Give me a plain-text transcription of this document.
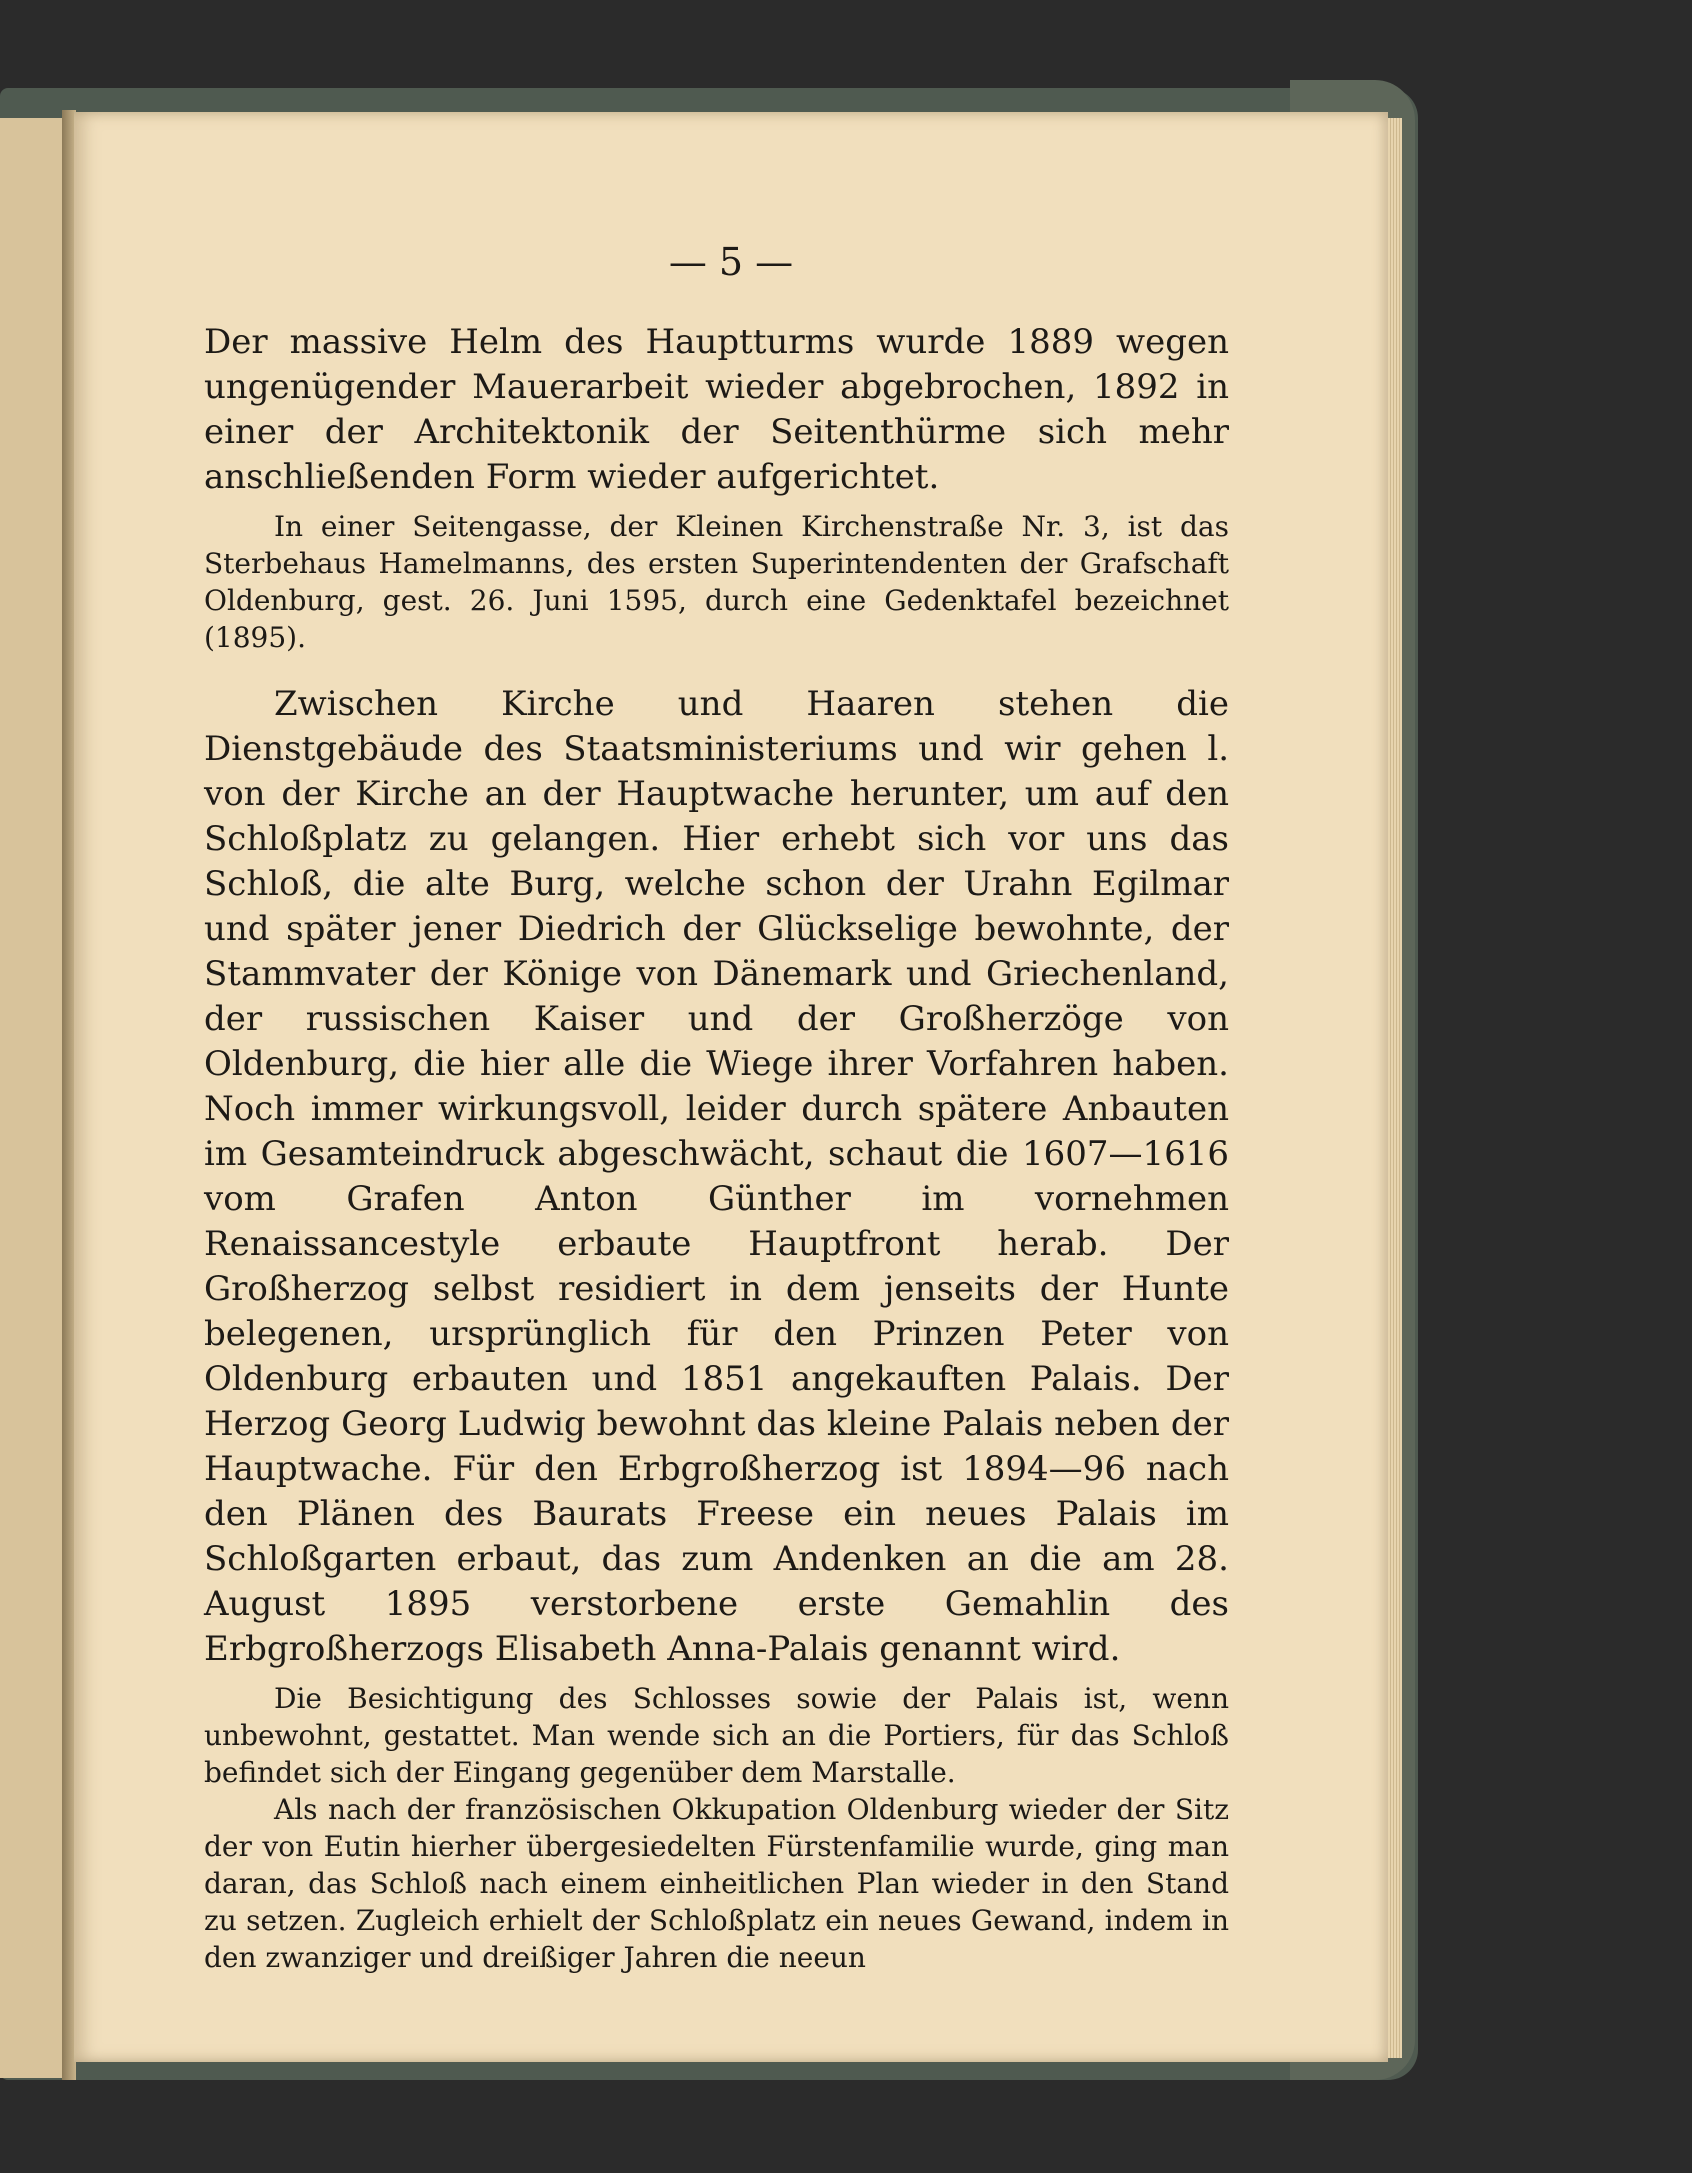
— 5 —

Der massive Helm des Hauptturms wurde 1889 wegen ungenügender Mauerarbeit wieder abgebrochen, 1892 in einer der Architektonik der Seitenthürme sich mehr anschließenden Form wieder aufgerichtet.

In einer Seitengasse, der Kleinen Kirchenstraße Nr. 3, ist das Sterbehaus Hamelmanns, des ersten Superintendenten der Grafschaft Oldenburg, gest. 26. Juni 1595, durch eine Gedenktafel bezeichnet (1895).

Zwischen Kirche und Haaren stehen die Dienstgebäude des Staatsministeriums und wir gehen l. von der Kirche an der Hauptwache herunter, um auf den Schloßplatz zu gelangen. Hier erhebt sich vor uns das Schloß, die alte Burg, welche schon der Urahn Egilmar und später jener Diedrich der Glückselige bewohnte, der Stammvater der Könige von Dänemark und Griechenland, der russischen Kaiser und der Großherzöge von Oldenburg, die hier alle die Wiege ihrer Vorfahren haben. Noch immer wirkungsvoll, leider durch spätere Anbauten im Gesamteindruck abgeschwächt, schaut die 1607—1616 vom Grafen Anton Günther im vornehmen Renaissancestyle erbaute Hauptfront herab. Der Großherzog selbst residiert in dem jenseits der Hunte belegenen, ursprünglich für den Prinzen Peter von Oldenburg erbauten und 1851 angekauften Palais. Der Herzog Georg Ludwig bewohnt das kleine Palais neben der Hauptwache. Für den Erbgroßherzog ist 1894—96 nach den Plänen des Baurats Freese ein neues Palais im Schloßgarten erbaut, das zum Andenken an die am 28. August 1895 verstorbene erste Gemahlin des Erbgroßherzogs Elisabeth Anna-Palais genannt wird.

Die Besichtigung des Schlosses sowie der Palais ist, wenn unbewohnt, gestattet. Man wende sich an die Portiers, für das Schloß befindet sich der Eingang gegenüber dem Marstalle.

Als nach der französischen Okkupation Oldenburg wieder der Sitz der von Eutin hierher übergesiedelten Fürstenfamilie wurde, ging man daran, das Schloß nach einem einheitlichen Plan wieder in den Stand zu setzen. Zugleich erhielt der Schloßplatz ein neues Gewand, indem in den zwanziger und dreißiger Jahren die neeun
